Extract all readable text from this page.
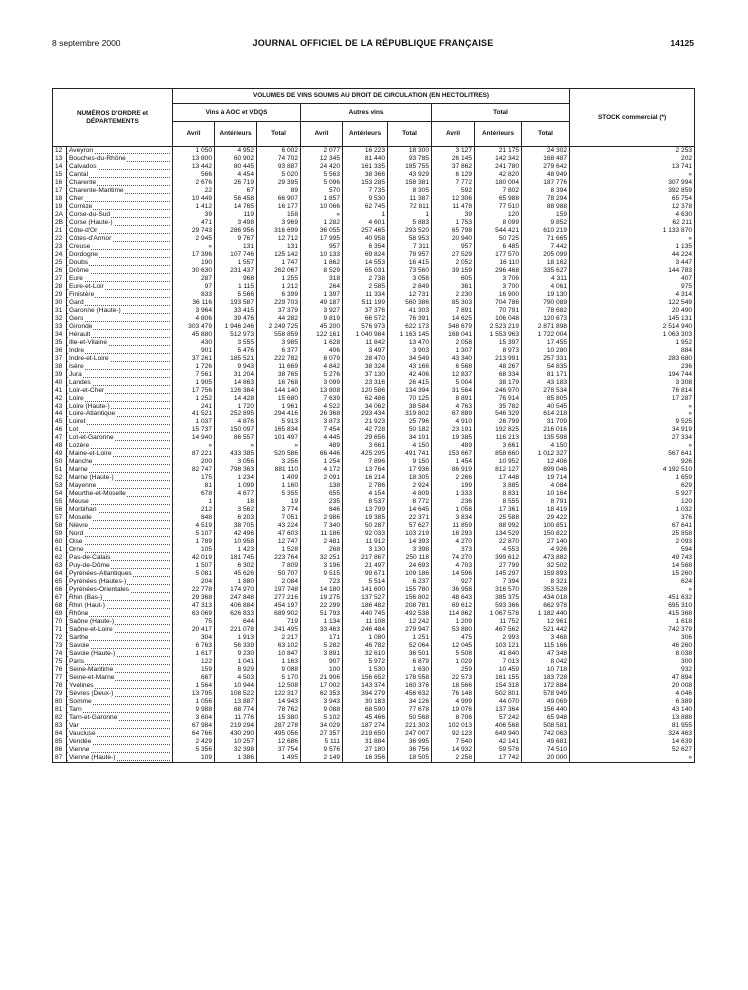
8 septembre 2000	JOURNAL OFFICIEL DE LA RÉPUBLIQUE FRANÇAISE	14125
NUMÉROS D'ORDRE et DÉPARTEMENTS		VOLUMES DE VINS SOUMIS AU DROIT DE CIRCULATION (EN HECTOLITRES)									STOCK commercial (*)
		Vins à AOC et VDQS			Autres vins			Total			
		Avril	Antérieurs	Total	Avril	Antérieurs	Total	Avril	Antérieurs	Total	
12	Aveyron	1 050	4 952	6 002	2 077	16 223	18 300	3 127	21 175	24 302	2 253
13	Bouches-du-Rhône	13 800	60 902	74 702	12 345	81 440	93 785	26 145	142 342	168 487	202
14	Calvados	13 442	80 445	93 887	24 420	161 335	185 755	37 862	241 780	279 642	13 741
15	Cantal	566	4 454	5 020	5 563	38 366	43 929	6 129	42 820	48 949	»
16	Charente	2 676	26 719	29 395	5 096	153 285	158 381	7 772	180 004	187 776	307 994
17	Charente-Maritime	22	67	89	570	7 735	8 305	592	7 802	8 394	392 859
18	Cher	10 449	56 458	66 907	1 857	9 530	11 387	12 306	65 988	78 294	65 754
19	Corrèze	1 412	14 765	16 177	10 066	62 745	72 811	11 478	77 510	88 988	12 378
2A	Corse-du-Sud	39	119	158	»	1	1	39	120	159	4 630
2B	Corse (Haute-)	471	3 498	3 969	1 282	4 601	5 883	1 753	8 099	9 852	62 211
21	Côte-d'Or	29 743	286 956	316 699	36 055	257 465	293 520	65 798	544 421	610 219	1 133 870
22	Côtes-d'Armor	2 945	9 767	12 712	17 995	40 958	58 953	20 940	50 725	71 665	»
23	Creuse	»	131	131	957	6 354	7 311	957	6 485	7 442	1 135
24	Dordogne	17 396	107 746	125 142	10 133	69 824	79 957	27 529	177 570	205 099	44 224
25	Doubs	190	1 557	1 747	1 862	14 553	16 415	2 052	16 110	18 162	3 447
26	Drôme	30 630	231 437	262 067	8 529	65 031	73 560	39 159	296 468	335 627	144 783
27	Eure	287	968	1 255	318	2 738	3 056	605	3 706	4 311	407
28	Eure-et-Loir	97	1 115	1 212	264	2 585	2 849	361	3 700	4 061	975
29	Finistère	833	5 566	6 399	1 397	11 334	12 731	2 230	16 900	19 130	4 314
30	Gard	36 116	193 587	229 703	49 187	511 199	560 386	85 303	704 786	790 089	122 549
31	Garonne (Haute-)	3 964	33 415	37 379	3 927	37 376	41 303	7 891	70 791	78 682	20 490
32	Gers	4 806	39 476	44 282	9 819	66 572	76 391	14 625	106 048	120 673	145 131
33	Gironde	303 479	1 946 246	2 249 725	45 200	576 973	622 173	348 679	2 523 219	2 871 898	2 514 940
34	Hérault	45 880	512 973	558 859	122 161	1 040 984	1 163 145	168 041	1 553 963	1 722 004	1 063 303
35	Ille-et-Vilaine	430	3 555	3 985	1 628	11 842	13 470	2 058	15 397	17 455	1 952
36	Indre	901	5 476	6 377	406	3 497	3 903	1 307	8 973	10 280	884
37	Indre-et-Loire	37 261	185 521	222 782	6 079	28 470	34 549	43 340	213 991	257 331	283 680
38	Isère	1 726	9 943	11 669	4 842	38 324	43 166	6 568	48 267	54 835	236
39	Jura	7 561	31 204	38 765	5 276	37 130	42 406	12 837	68 334	81 171	194 744
40	Landes	1 905	14 863	16 768	3 099	23 316	26 415	5 004	38 179	43 183	3 308
41	Loir-et-Cher	17 756	126 384	144 140	13 808	120 586	134 394	31 564	246 970	278 534	76 814
42	Loire	1 252	14 428	15 680	7 639	62 486	70 125	8 891	76 914	85 805	17 287
43	Loire (Haute-)	241	1 720	1 961	4 522	34 062	38 584	4 763	35 782	40 545	»
44	Loire-Atlantique	41 521	252 895	294 416	26 368	293 434	319 802	67 889	546 329	614 218	»
45	Loiret	1 037	4 876	5 913	3 873	21 923	25 796	4 910	26 799	31 709	9 525
46	Lot	15 737	150 097	165 834	7 454	42 728	50 182	23 191	192 825	216 016	34 919
47	Lot-et-Garonne	14 940	86 557	101 497	4 445	29 656	34 101	19 385	116 213	135 598	27 334
48	Lozère	»	»	»	489	3 661	4 150	489	3 661	4 150	»
49	Maine-et-Loire	87 221	433 385	520 586	66 446	425 295	491 741	153 667	858 660	1 012 327	567 641
50	Manche	200	3 056	3 256	1 254	7 896	9 150	1 454	10 952	12 406	926
51	Marne	82 747	798 363	881 110	4 172	13 764	17 936	86 919	812 127	899 046	4 192 510
52	Marne (Haute-)	175	1 234	1 409	2 091	16 214	18 305	2 266	17 448	19 714	1 659
53	Mayenne	81	1 099	1 160	138	2 786	2 924	199	3 885	4 084	629
54	Meurthe-et-Moselle	678	4 677	5 355	655	4 154	4 809	1 333	8 831	10 164	5 927
55	Meuse	1	18	19	235	8 537	8 772	236	8 555	8 791	120
56	Morbihan	212	3 562	3 774	846	13 799	14 645	1 058	17 361	18 419	1 032
57	Moselle	848	6 203	7 051	2 986	19 385	22 371	3 834	25 588	29 422	376
58	Nièvre	4 519	38 705	43 224	7 340	50 287	57 627	11 859	88 992	100 851	67 641
59	Nord	5 107	42 496	47 603	11 186	92 033	103 219	16 293	134 529	150 822	25 858
60	Oise	1 789	10 958	12 747	2 481	11 912	14 393	4 270	22 870	27 140	2 093
61	Orne	105	1 423	1 528	268	3 130	3 398	373	4 553	4 926	594
62	Pas-de-Calais	42 019	181 745	223 764	32 251	217 867	250 118	74 270	399 612	473 882	49 743
63	Puy-de-Dôme	1 507	6 302	7 809	3 196	21 497	24 693	4 703	27 799	32 502	14 568
64	Pyrénées-Atlantiques	5 081	45 626	50 707	9 515	99 671	109 186	14 596	145 297	159 893	15 260
65	Pyrénées (Hautes-)	204	1 880	2 084	723	5 514	6 237	927	7 394	8 321	624
66	Pyrénées-Orientales	22 778	174 970	197 748	14 180	141 600	155 780	36 958	316 570	353 528	»
67	Rhin (Bas-)	29 368	247 848	277 216	19 275	137 527	156 802	48 643	385 375	434 018	451 632
68	Rhin (Haut-)	47 313	406 884	454 197	22 299	186 482	208 781	69 612	593 366	662 978	695 310
69	Rhône	63 069	626 833	689 902	51 793	440 745	492 538	114 862	1 067 578	1 182 440	415 368
70	Saône (Haute-)	75	644	719	1 134	11 108	12 242	1 209	11 752	12 961	1 618
71	Saône-et-Loire	20 417	221 078	241 495	33 463	246 484	279 947	53 880	467 562	521 442	742 379
72	Sarthe	304	1 913	2 217	171	1 080	1 251	475	2 993	3 468	306
73	Savoie	6 763	56 339	63 102	5 282	46 782	52 064	12 045	103 121	115 166	46 260
74	Savoie (Haute-)	1 617	9 230	10 847	3 891	32 610	36 501	5 508	41 840	47 348	8 038
75	Paris	122	1 041	1 163	907	5 972	6 879	1 029	7 013	8 042	300
76	Seine-Maritime	159	8 929	9 088	100	1 530	1 630	259	10 459	10 718	932
77	Seine-et-Marne	667	4 503	5 170	21 906	156 652	178 558	22 573	161 155	183 728	47 894
78	Yvelines	1 564	10 944	12 508	17 002	143 374	160 376	18 566	154 318	172 884	20 008
79	Sèvres (Deux-)	13 795	108 522	122 317	62 353	394 279	456 632	76 148	502 801	578 949	4 046
80	Somme	1 056	13 887	14 943	3 943	30 183	34 126	4 999	44 070	49 069	6 389
81	Tarn	9 988	68 774	78 762	9 088	68 590	77 678	19 076	137 364	156 440	43 140
82	Tarn-et-Garonne	3 604	11 776	15 380	5 102	45 466	50 568	8 706	57 242	65 948	13 888
83	Var	67 984	219 294	287 278	34 029	187 274	221 303	102 013	406 568	508 581	81 955
84	Vaucluse	64 766	430 290	495 056	27 357	219 650	247 007	92 123	649 940	742 063	324 463
85	Vendée	2 429	10 257	12 686	5 111	31 884	36 995	7 540	42 141	49 681	14 639
86	Vienne	5 356	32 398	37 754	9 576	27 180	36 756	14 932	59 578	74 510	52 627
87	Vienne (Haute-)	109	1 386	1 495	2 149	16 356	18 505	2 258	17 742	20 000	»
